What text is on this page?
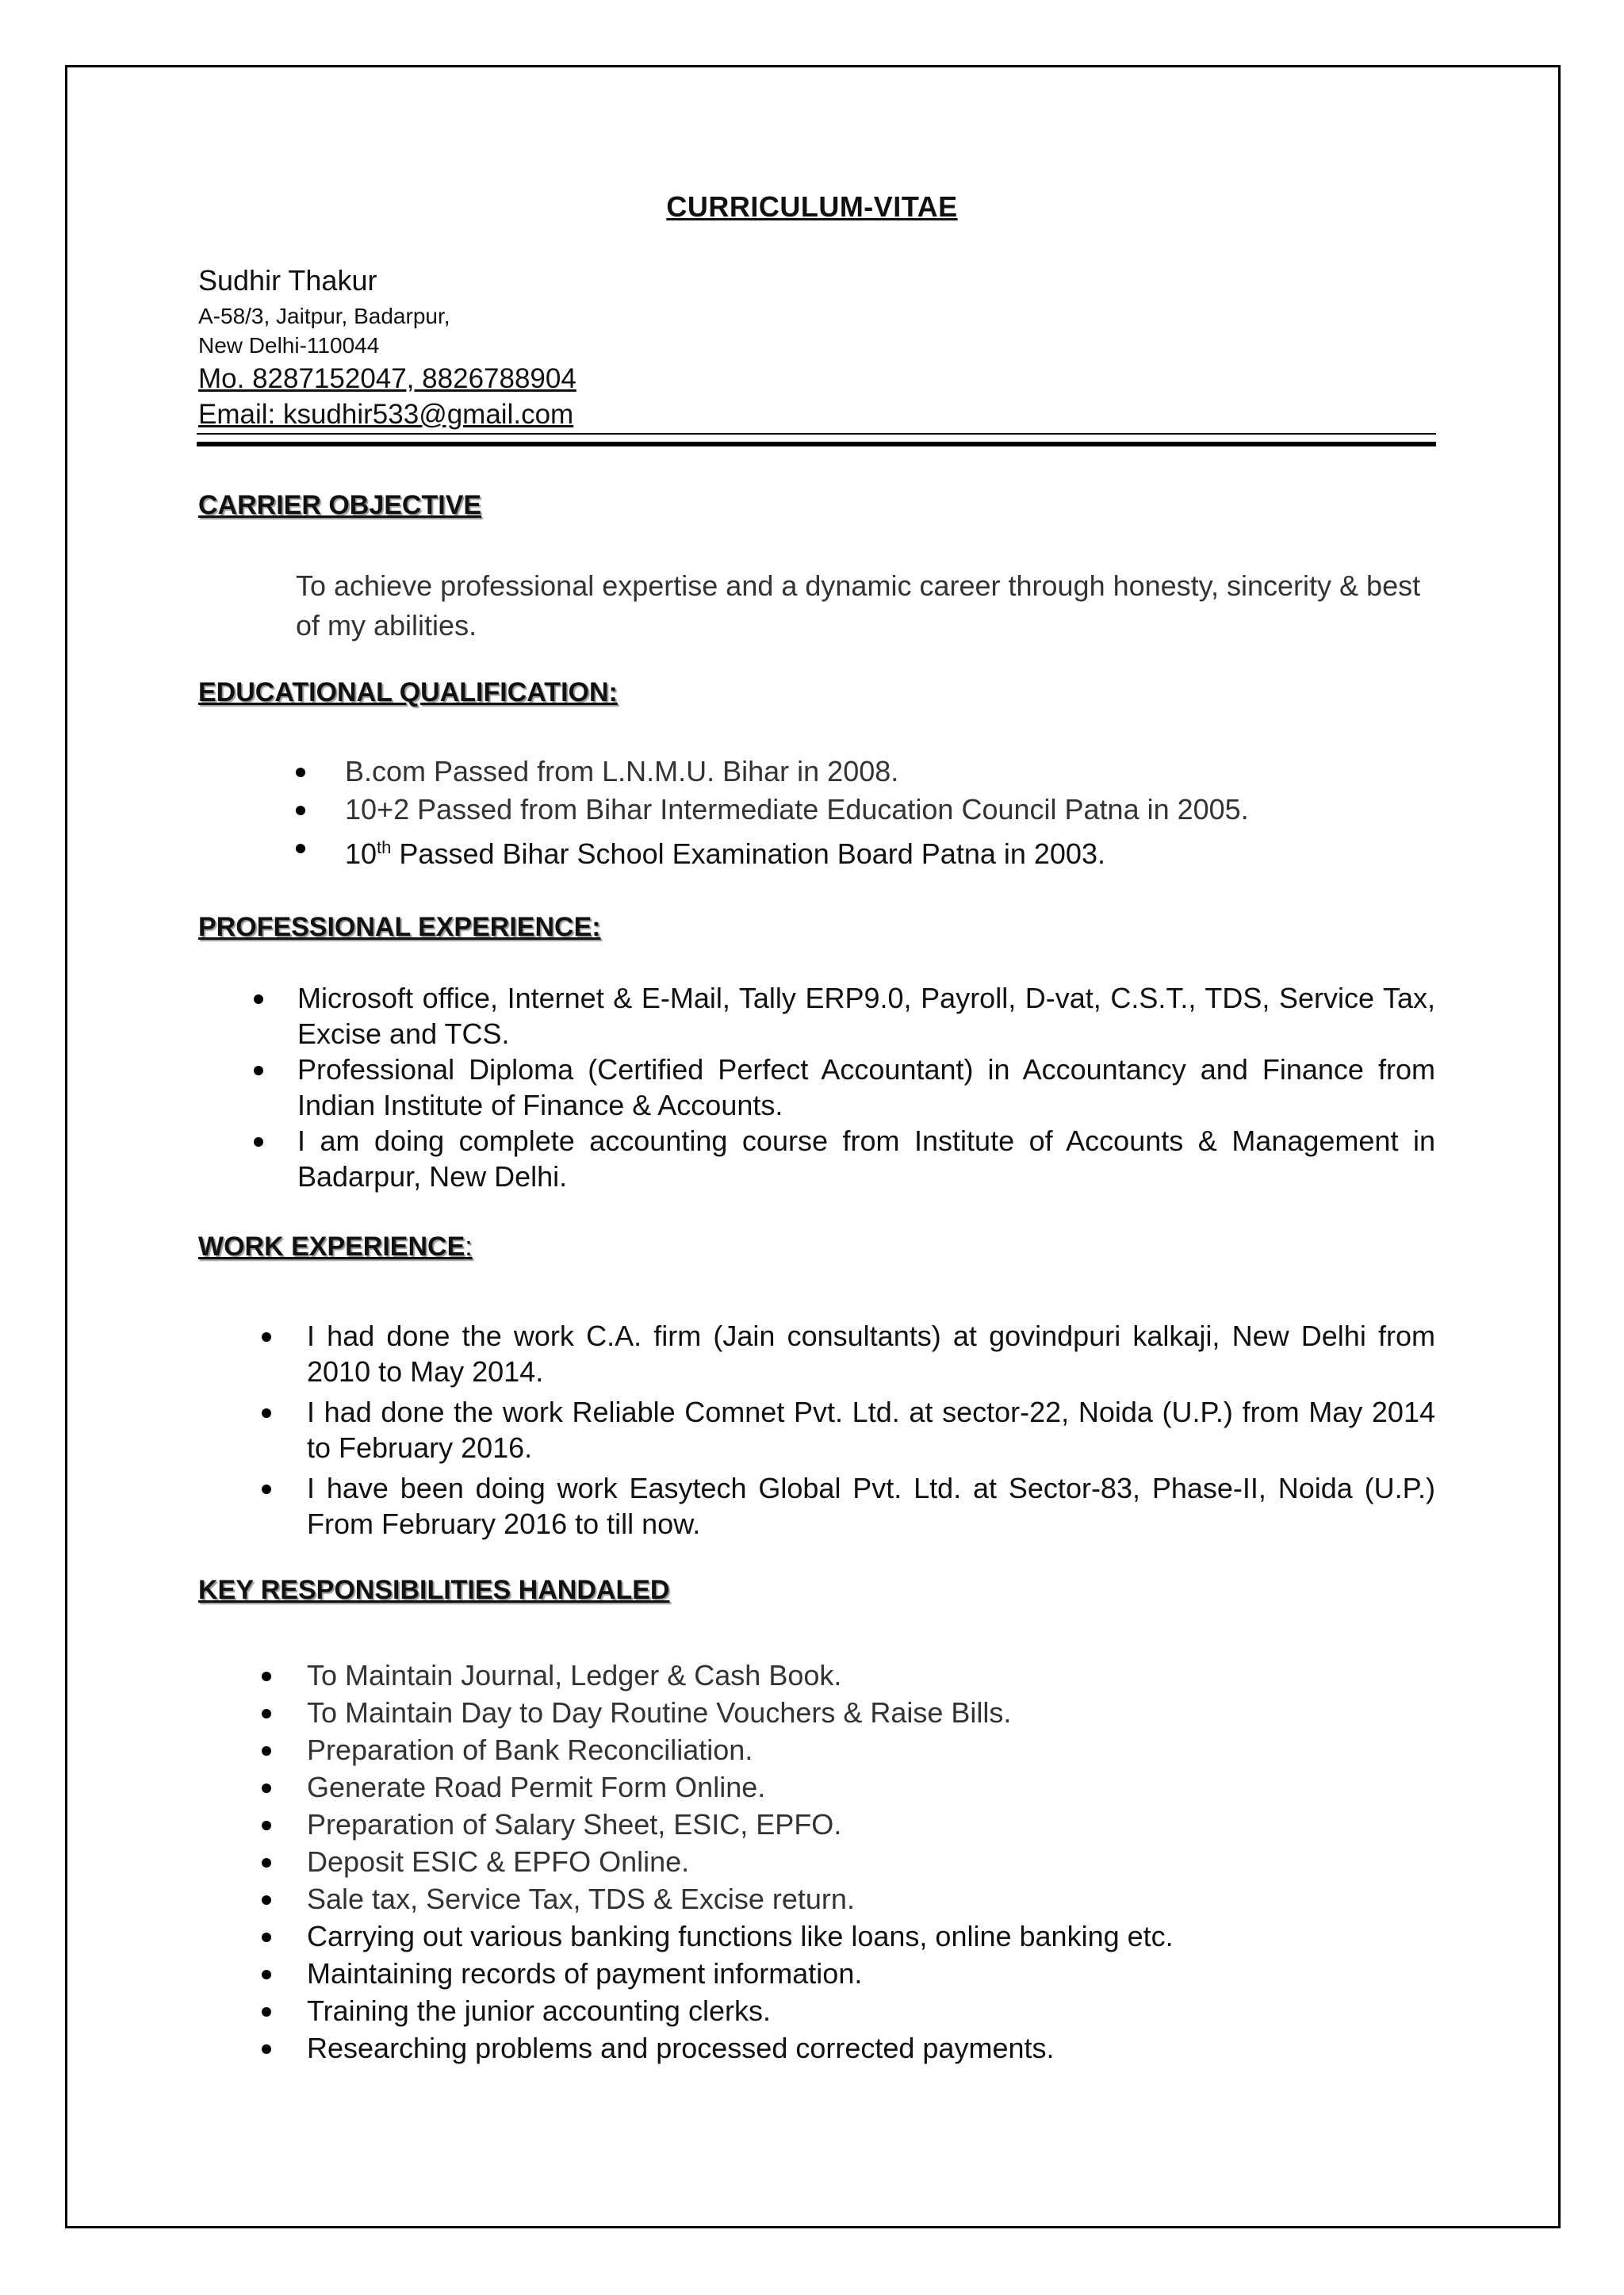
CURRICULUM-VITAE
Sudhir Thakur
A-58/3, Jaitpur, Badarpur,
New Delhi-110044
Mo. 8287152047, 8826788904
Email: ksudhir533@gmail.com
CARRIER OBJECTIVE
To achieve professional expertise and a dynamic career through honesty, sincerity & best of my abilities.
EDUCATIONAL QUALIFICATION:
B.com Passed from L.N.M.U. Bihar in 2008.
10+2 Passed from Bihar Intermediate Education Council Patna in 2005.
10th Passed Bihar School Examination Board Patna in 2003.
PROFESSIONAL EXPERIENCE:
Microsoft office, Internet & E-Mail, Tally ERP9.0, Payroll, D-vat, C.S.T., TDS, Service Tax, Excise and TCS.
Professional Diploma (Certified Perfect Accountant) in Accountancy and Finance from Indian Institute of Finance & Accounts.
I am doing complete accounting course from Institute of Accounts & Management in Badarpur, New Delhi.
WORK EXPERIENCE:
I had done the work C.A. firm (Jain consultants) at govindpuri kalkaji, New Delhi from 2010 to May 2014.
I had done the work Reliable Comnet Pvt. Ltd. at sector-22, Noida (U.P.) from May 2014 to February 2016.
I have been doing work Easytech Global Pvt. Ltd. at Sector-83, Phase-II, Noida (U.P.) From February 2016 to till now.
KEY RESPONSIBILITIES HANDALED
To Maintain Journal, Ledger & Cash Book.
To Maintain Day to Day Routine Vouchers & Raise Bills.
Preparation of Bank Reconciliation.
Generate Road Permit Form Online.
Preparation of Salary Sheet, ESIC, EPFO.
Deposit ESIC & EPFO Online.
Sale tax, Service Tax, TDS & Excise return.
Carrying out various banking functions like loans, online banking etc.
Maintaining records of payment information.
Training the junior accounting clerks.
Researching problems and processed corrected payments.
